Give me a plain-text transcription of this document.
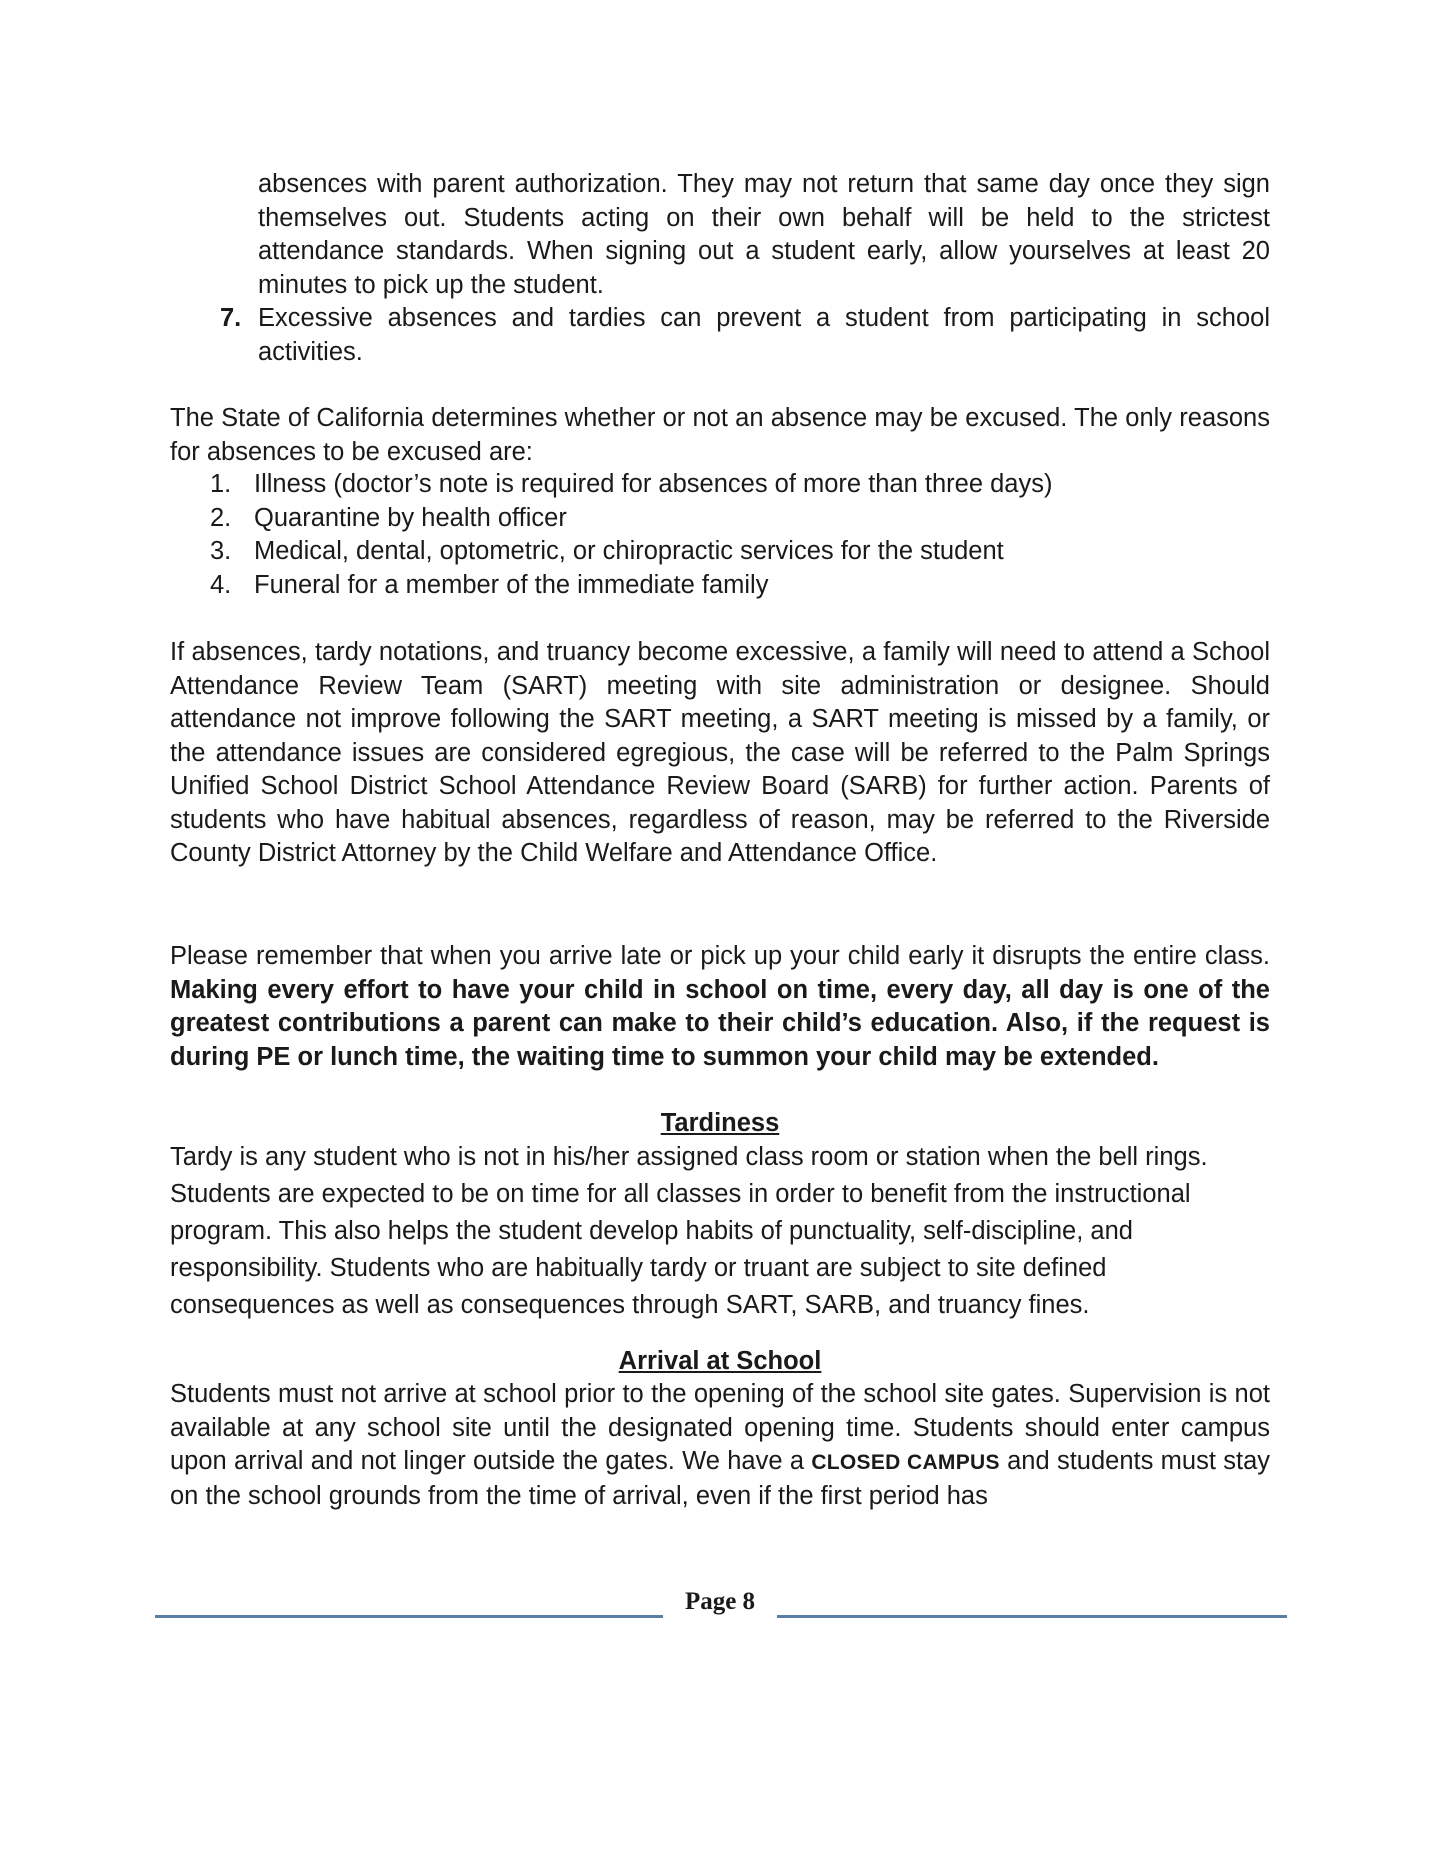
absences with parent authorization. They may not return that same day once they sign themselves out. Students acting on their own behalf will be held to the strictest attendance standards. When signing out a student early, allow yourselves at least 20 minutes to pick up the student.

7. Excessive absences and tardies can prevent a student from participating in school activities.

The State of California determines whether or not an absence may be excused. The only reasons for absences to be excused are:

1. Illness (doctor’s note is required for absences of more than three days)
2. Quarantine by health officer
3. Medical, dental, optometric, or chiropractic services for the student
4. Funeral for a member of the immediate family

If absences, tardy notations, and truancy become excessive, a family will need to attend a School Attendance Review Team (SART) meeting with site administration or designee. Should attendance not improve following the SART meeting, a SART meeting is missed by a family, or the attendance issues are considered egregious, the case will be referred to the Palm Springs Unified School District School Attendance Review Board (SARB) for further action. Parents of students who have habitual absences, regardless of reason, may be referred to the Riverside County District Attorney by the Child Welfare and Attendance Office.

Please remember that when you arrive late or pick up your child early it disrupts the entire class. Making every effort to have your child in school on time, every day, all day is one of the greatest contributions a parent can make to their child’s education. Also, if the request is during PE or lunch time, the waiting time to summon your child may be extended.

Tardiness

Tardy is any student who is not in his/her assigned class room or station when the bell rings. Students are expected to be on time for all classes in order to benefit from the instructional program. This also helps the student develop habits of punctuality, self-discipline, and responsibility. Students who are habitually tardy or truant are subject to site defined consequences as well as consequences through SART, SARB, and truancy fines.

Arrival at School

Students must not arrive at school prior to the opening of the school site gates. Supervision is not available at any school site until the designated opening time. Students should enter campus upon arrival and not linger outside the gates. We have a CLOSED CAMPUS and students must stay on the school grounds from the time of arrival, even if the first period has

Page 8
